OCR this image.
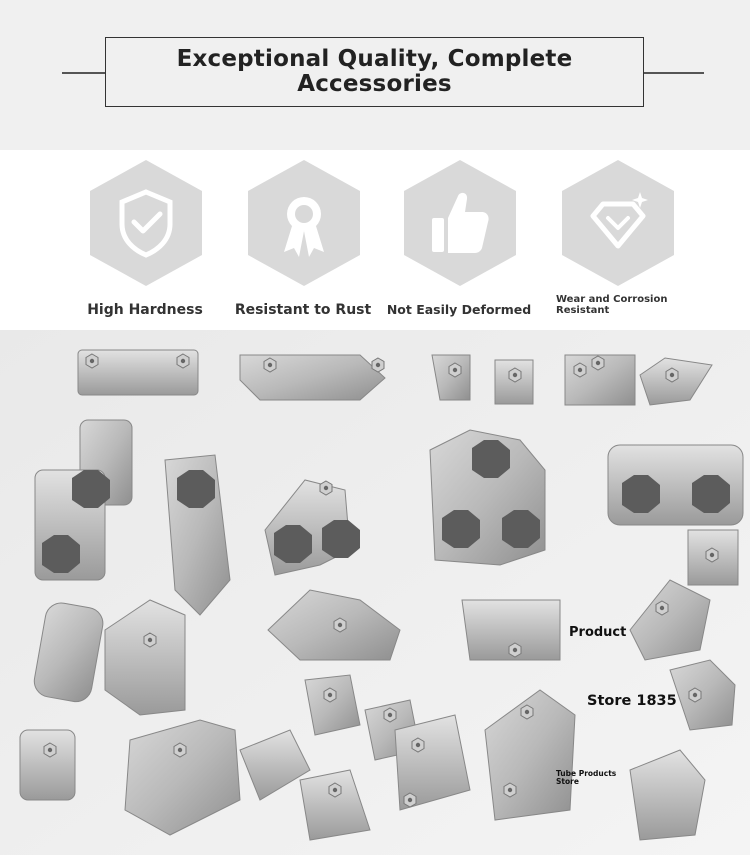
Exceptional Quality, Complete
Accessories
High Hardness	Resistant to Rust	Not Easily Deformed
Wear and Corrosion Resistant
Product
Store 1835
Tube Products Store
